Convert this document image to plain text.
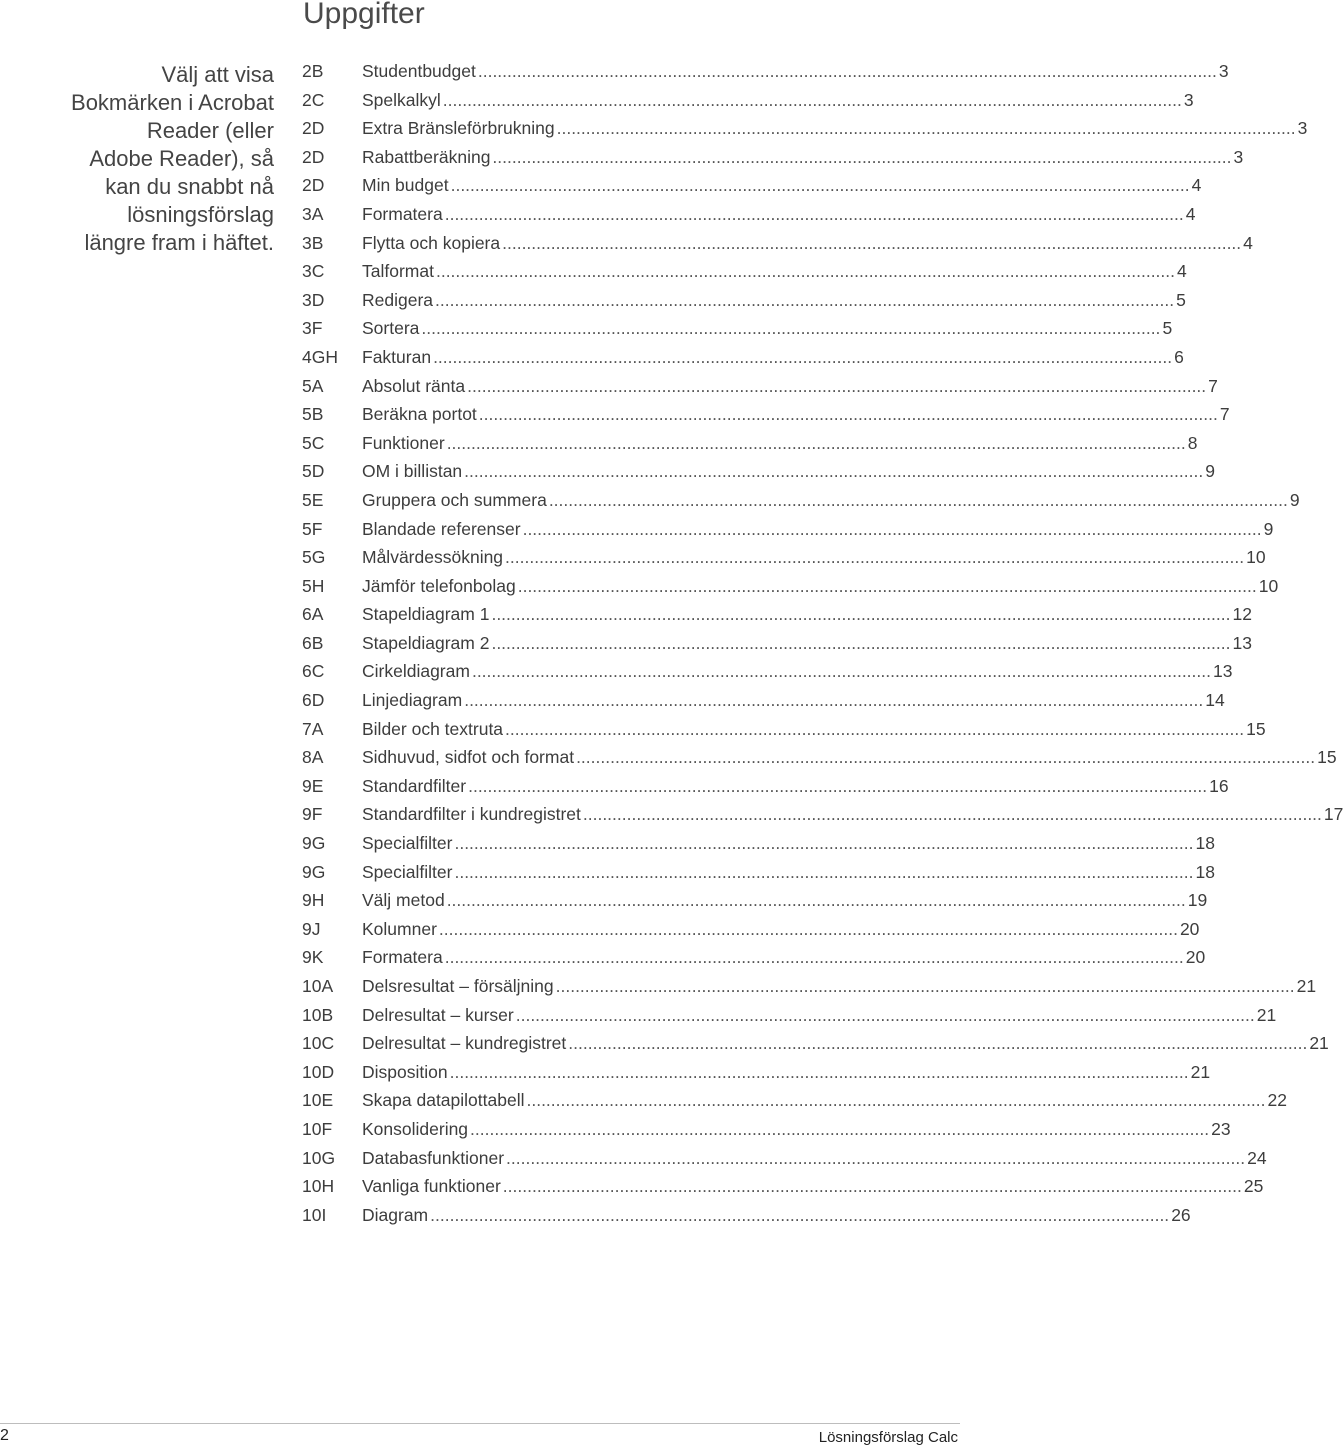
Uppgifter
Välj att visa
Bokmärken i Acrobat
Reader (eller
Adobe Reader), så
kan du snabbt nå
lösningsförslag
längre fram i häftet.
2B	Studentbudget .....	3
2C	Spelkalkyl .....	3
2D	Extra Bränsleförbrukning .....	3
2D	Rabattberäkning .....	3
2D	Min budget .....	4
3A	Formatera .....	4
3B	Flytta och kopiera .....	4
3C	Talformat .....	4
3D	Redigera .....	5
3F	Sortera .....	5
4GH	Fakturan .....	6
5A	Absolut ränta .....	7
5B	Beräkna portot .....	7
5C	Funktioner .....	8
5D	OM i billistan .....	9
5E	Gruppera och summera .....	9
5F	Blandade referenser .....	9
5G	Målvärdessökning .....	10
5H	Jämför telefonbolag .....	10
6A	Stapeldiagram 1 .....	12
6B	Stapeldiagram 2 .....	13
6C	Cirkeldiagram .....	13
6D	Linjediagram .....	14
7A	Bilder och textruta .....	15
8A	Sidhuvud, sidfot och format .....	15
9E	Standardfilter .....	16
9F	Standardfilter i kundregistret .....	17
9G	Specialfilter .....	18
9G	Specialfilter .....	18
9H	Välj metod .....	19
9J	Kolumner .....	20
9K	Formatera .....	20
10A	Delsresultat – försäljning .....	21
10B	Delresultat – kurser .....	21
10C	Delresultat – kundregistret .....	21
10D	Disposition .....	21
10E	Skapa datapilottabell .....	22
10F	Konsolidering .....	23
10G	Databasfunktioner .....	24
10H	Vanliga funktioner .....	25
10I	Diagram .....	26
2	Lösningsförslag Calc
